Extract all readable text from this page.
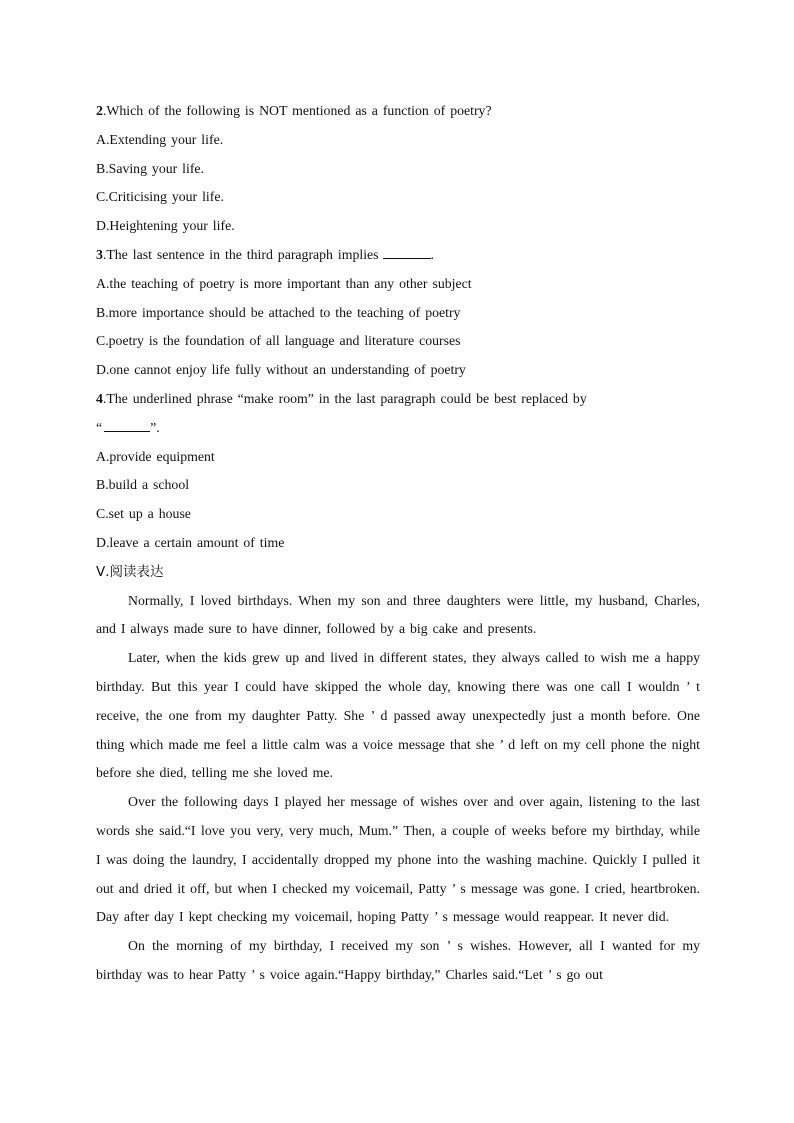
2.Which of the following is NOT mentioned as a function of poetry?
A.Extending your life.
B.Saving your life.
C.Criticising your life.
D.Heightening your life.
3.The last sentence in the third paragraph implies	.
A.the teaching of poetry is more important than any other subject
B.more importance should be attached to the teaching of poetry
C.poetry is the foundation of all language and literature courses
D.one cannot enjoy life fully without an understanding of poetry
4.The underlined phrase “make room” in the last paragraph could be best replaced by
“	”.
A.provide equipment
B.build a school
C.set up a house
D.leave a certain amount of time
Ⅴ.阅读表达
Normally, I loved birthdays. When my son and three daughters were little, my husband, Charles, and I always made sure to have dinner, followed by a big cake and presents.
Later, when the kids grew up and lived in different states, they always called to wish me a happy birthday. But this year I could have skipped the whole day, knowing there was one call I wouldn ’ t receive, the one from my daughter Patty. She ’ d passed away unexpectedly just a month before. One thing which made me feel a little calm was a voice message that she ’ d left on my cell phone the night before she died, telling me she loved me.
Over the following days I played her message of wishes over and over again, listening to the last words she said.“I love you very, very much, Mum.” Then, a couple of weeks before my birthday, while I was doing the laundry, I accidentally dropped my phone into the washing machine. Quickly I pulled it out and dried it off, but when I checked my voicemail, Patty ’ s message was gone. I cried, heartbroken. Day after day I kept checking my voicemail, hoping Patty ’ s message would reappear. It never did.
On the morning of my birthday, I received my son ’ s wishes. However, all I wanted for my birthday was to hear Patty ’ s voice again.“Happy birthday,” Charles said.“Let ’ s go out
